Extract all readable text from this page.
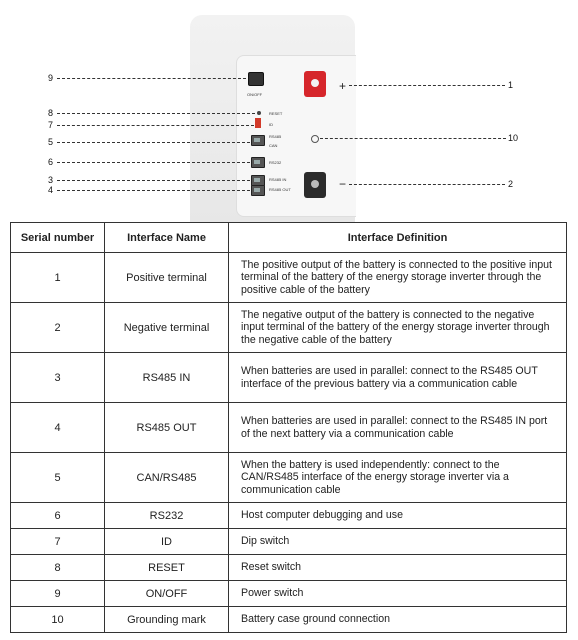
ON/OFF
RESET
ID
RS485
CAN
RS232
RS485 IN
RS485 OUT
+
−
9
8
7
5
6
3
4
1
10
2
Serial number	Interface Name	Interface Definition
1	Positive terminal	The positive output of the battery is connected to the positive input terminal of the battery of the energy storage inverter through the positive cable of the battery
2	Negative terminal	The negative output of the battery is connected to the negative input terminal of the battery of the energy storage inverter through the negative cable of the battery
3	RS485 IN	When batteries are used in parallel: connect to the RS485 OUT interface of the previous battery via a communication cable
4	RS485 OUT	When batteries are used in parallel: connect to the RS485 IN port of the next battery via a communication cable
5	CAN/RS485	When the battery is used independently: connect to the CAN/RS485 interface of the energy storage inverter via a communication cable
6	RS232	Host computer debugging and use
7	ID	Dip switch
8	RESET	Reset switch
9	ON/OFF	Power switch
10	Grounding mark	Battery case ground connection
